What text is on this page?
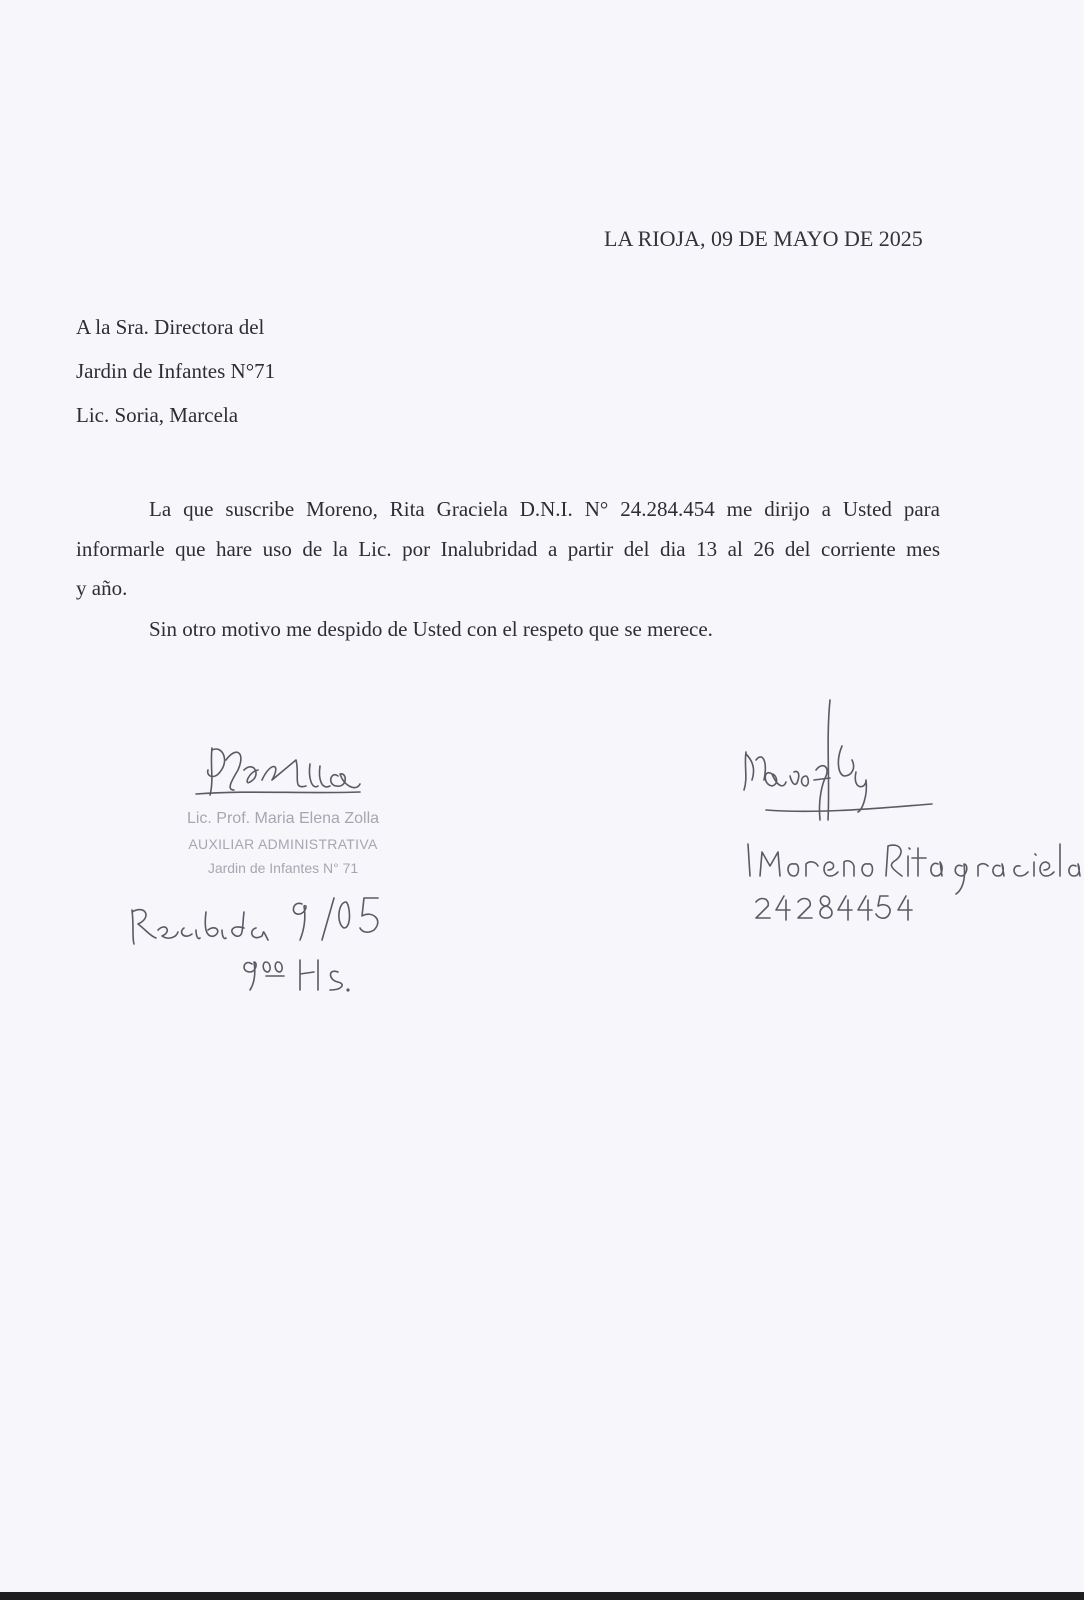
LA RIOJA, 09 DE MAYO DE 2025
A la Sra. Directora del
Jardin de Infantes N°71
Lic. Soria, Marcela
La que suscribe Moreno, Rita Graciela D.N.I. N° 24.284.454 me dirijo a Usted para
informarle que hare uso de la Lic. por Inalubridad a partir del dia 13 al 26 del corriente mes
y año.
Sin otro motivo me despido de Usted con el respeto que se merece.
Lic. Prof. Maria Elena Zolla
AUXILIAR ADMINISTRATIVA
Jardin de Infantes N° 71
